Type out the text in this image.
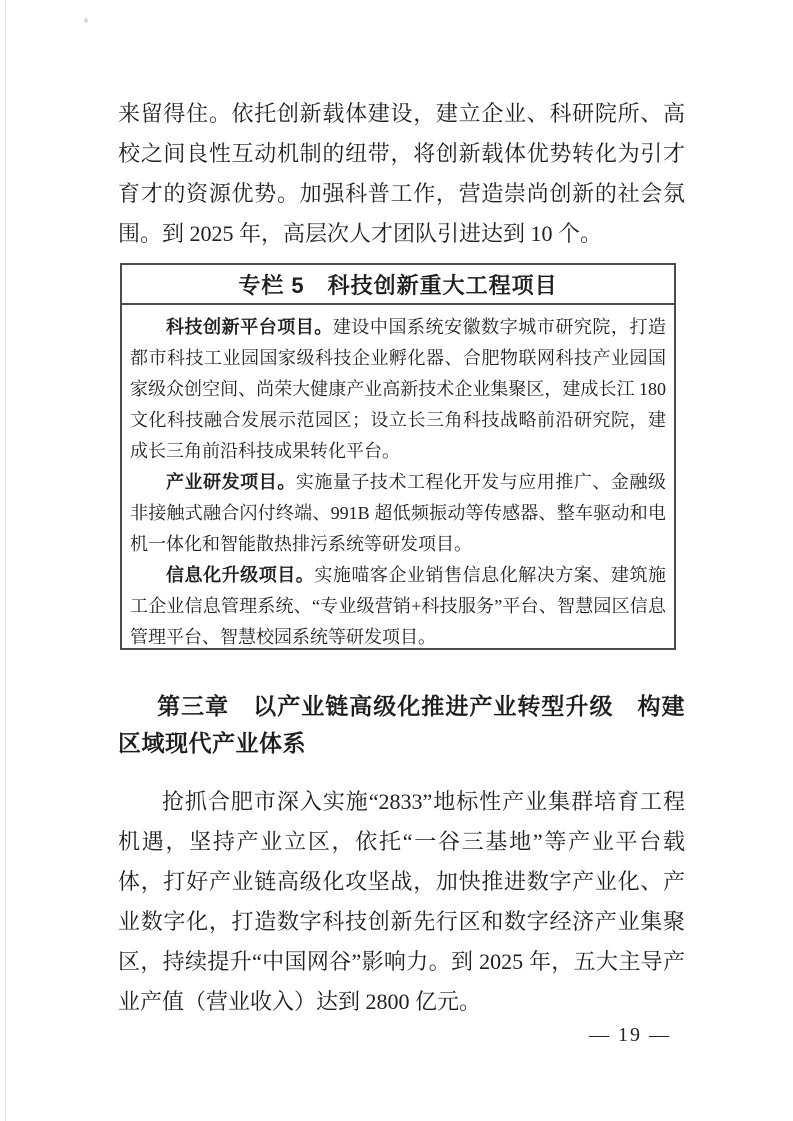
来留得住。依托创新载体建设，建立企业、科研院所、高校之间良性互动机制的纽带，将创新载体优势转化为引才育才的资源优势。加强科普工作，营造崇尚创新的社会氛围。到 2025 年，高层次人才团队引进达到 10 个。

专栏 5　科技创新重大工程项目

科技创新平台项目。建设中国系统安徽数字城市研究院，打造都市科技工业园国家级科技企业孵化器、合肥物联网科技产业园国家级众创空间、尚荣大健康产业高新技术企业集聚区，建成长江 180 文化科技融合发展示范园区；设立长三角科技战略前沿研究院，建成长三角前沿科技成果转化平台。

产业研发项目。实施量子技术工程化开发与应用推广、金融级非接触式融合闪付终端、991B 超低频振动等传感器、整车驱动和电机一体化和智能散热排污系统等研发项目。

信息化升级项目。实施喵客企业销售信息化解决方案、建筑施工企业信息管理系统、“专业级营销+科技服务”平台、智慧园区信息管理平台、智慧校园系统等研发项目。

第三章　以产业链高级化推进产业转型升级　构建区域现代产业体系

抢抓合肥市深入实施“2833”地标性产业集群培育工程机遇，坚持产业立区，依托“一谷三基地”等产业平台载体，打好产业链高级化攻坚战，加快推进数字产业化、产业数字化，打造数字科技创新先行区和数字经济产业集聚区，持续提升“中国网谷”影响力。到 2025 年，五大主导产业产值（营业收入）达到 2800 亿元。

— 19 —
